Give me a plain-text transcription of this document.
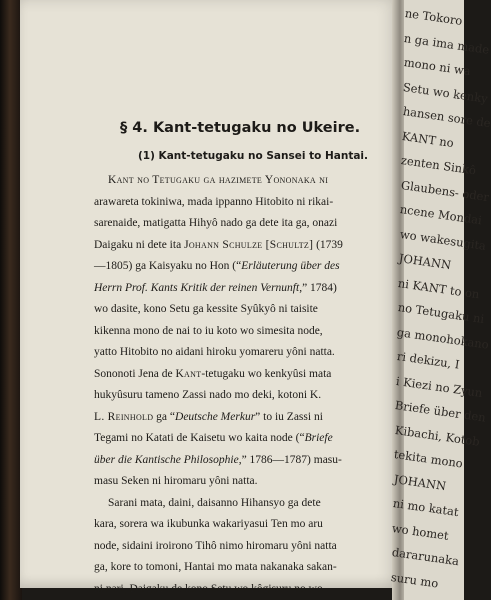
§ 4. Kant-tetugaku no Ukeire.
(1) Kant-tetugaku no Sansei to Hantai.
Kant no Tetugaku ga hazimete Yononaka ni
arawareta tokiniwa, mada ippanno Hitobito ni rikai-
sarenaide, matigatta Hihyô nado ga dete ita ga, onazi
Daigaku ni dete ita Johann Schulze [Schultz] (1739
—1805) ga Kaisyaku no Hon (“Erläuterung über des
Herrn Prof. Kants Kritik der reinen Vernunft,” 1784)
wo dasite, kono Setu ga kessite Syûkyô ni taisite
kikenna mono de nai to iu koto wo simesita node,
yatto Hitobito no aidani hiroku yomareru yôni natta.
Sononoti Jena de Kant-tetugaku wo kenkyûsi mata
hukyûsuru tameno Zassi nado mo deki, kotoni K.
L. Reinhold ga “Deutsche Merkur” to iu Zassi ni
Tegami no Katati de Kaisetu wo kaita node (“Briefe
über die Kantische Philosophie,” 1786—1787) masu-
masu Seken ni hiromaru yôni natta.
Sarani mata, daini, daisanno Hihansyo ga dete
kara, sorera wa ikubunka wakariyasui Ten mo aru
node, sidaini iroirono Tihô nimo hiromaru yôni natta
ga, kore to tomoni, Hantai mo mata nakanaka sakan-
ni nari, Daigaku de kono Setu wo kôgisuru no wo
ne Tokoro
n ga ima made
mono ni wa
Setu wo kenky
hansen sore de
KANT no
zenten Sinkô
Glaubens- oder
ncene Mondai
wo wakesugita
JOHANN
ni KANT to on
no Tetugaku ni
ga monohokano
ri dekizu, I
i Kiezi no Zyun
Briefe über den
Kibachi, Kotob
tekita mono
JOHANN
ni mo katat
wo homet
dararunaka
suru mo
